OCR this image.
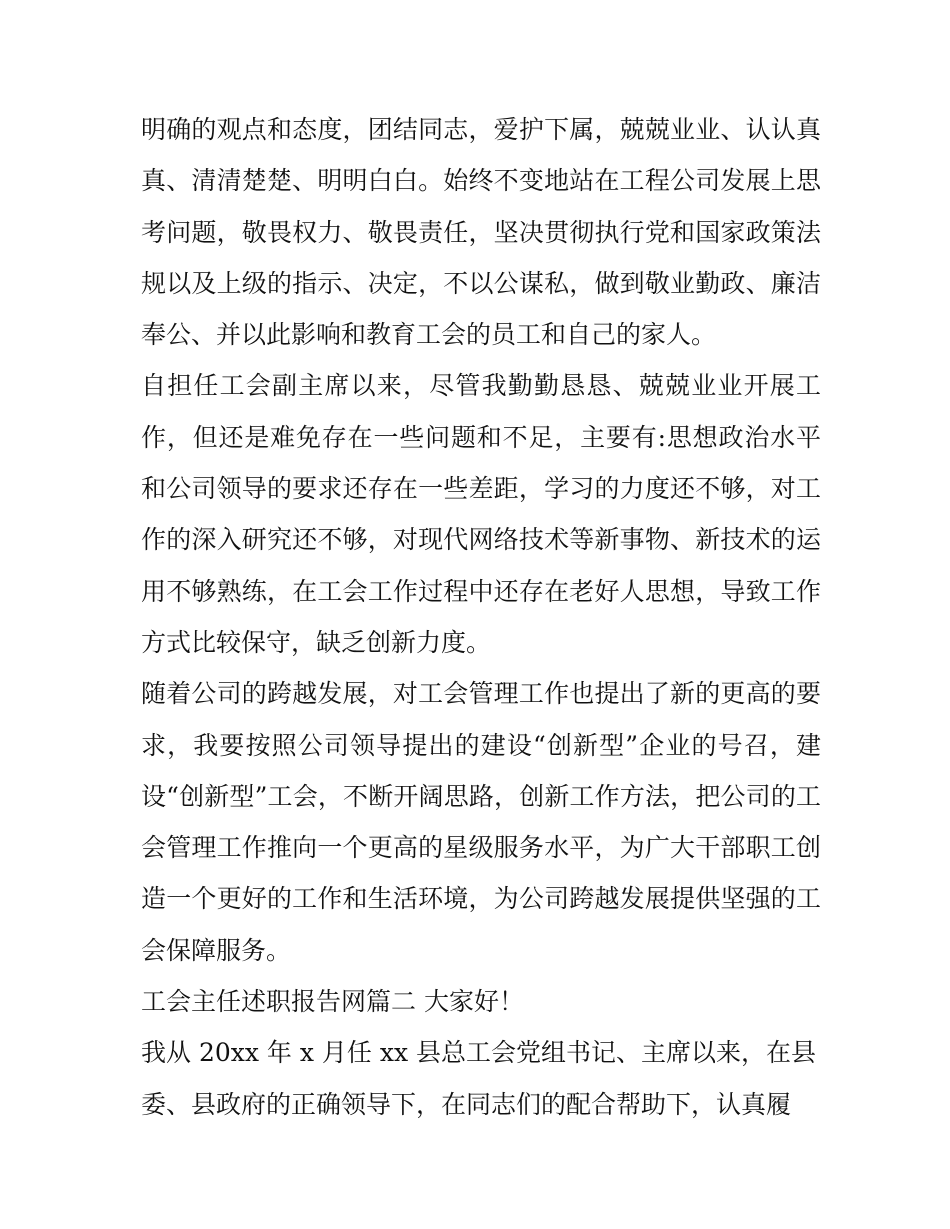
明确的观点和态度，团结同志，爱护下属，兢兢业业、认认真
真、清清楚楚、明明白白。始终不变地站在工程公司发展上思
考问题，敬畏权力、敬畏责任，坚决贯彻执行党和国家政策法
规以及上级的指示、决定，不以公谋私，做到敬业勤政、廉洁
奉公、并以此影响和教育工会的员工和自己的家人。
自担任工会副主席以来，尽管我勤勤恳恳、兢兢业业开展工
作，但还是难免存在一些问题和不足，主要有:思想政治水平
和公司领导的要求还存在一些差距，学习的力度还不够，对工
作的深入研究还不够，对现代网络技术等新事物、新技术的运
用不够熟练，在工会工作过程中还存在老好人思想，导致工作
方式比较保守，缺乏创新力度。
随着公司的跨越发展，对工会管理工作也提出了新的更高的要
求，我要按照公司领导提出的建设“创新型”企业的号召，建
设“创新型”工会，不断开阔思路，创新工作方法，把公司的工
会管理工作推向一个更高的星级服务水平，为广大干部职工创
造一个更好的工作和生活环境，为公司跨越发展提供坚强的工
会保障服务。
工会主任述职报告网篇二 大家好！
我从 20xx 年 x 月任 xx 县总工会党组书记、主席以来，在县
委、县政府的正确领导下，在同志们的配合帮助下，认真履
